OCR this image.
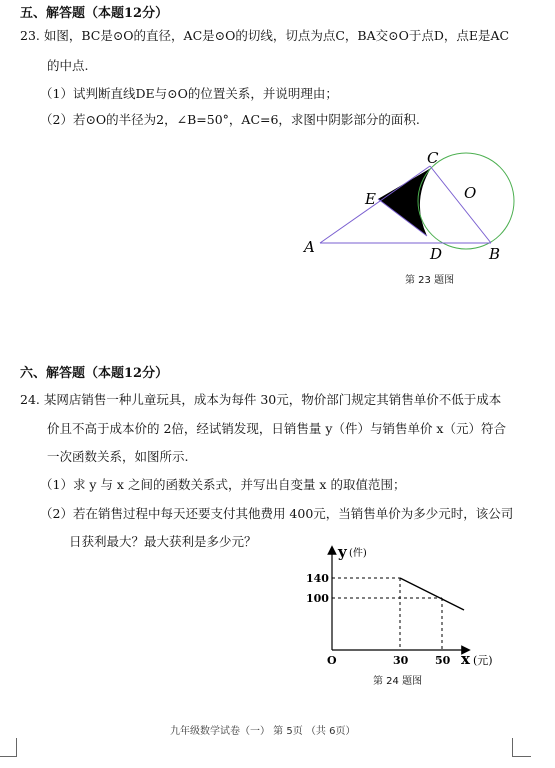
五、解答题（本题12分）
23. 如图，BC是⊙O的直径，AC是⊙O的切线，切点为点C，BA交⊙O于点D，点E是AC
的中点.
（1）试判断直线DE与⊙O的位置关系，并说明理由；
（2）若⊙O的半径为2，∠B=50°，AC=6，求图中阴影部分的面积.
A	B
C
D
E	O
第 23 题图
六、解答题（本题12分）
24. 某网店销售一种儿童玩具，成本为每件 30元，物价部门规定其销售单价不低于成本
价且不高于成本价的 2倍，经试销发现，日销售量 y（件）与销售单价 x（元）符合
一次函数关系，如图所示.
（1）求 y 与 x 之间的函数关系式，并写出自变量 x 的取值范围；
（2）若在销售过程中每天还要支付其他费用 400元，当销售单价为多少元时，该公司
日获利最大？最大获利是多少元？
y (件)
140
100
O	30 50 x (元)
第 24 题图
九年级数学试卷（一） 第 5页 （共 6页）
